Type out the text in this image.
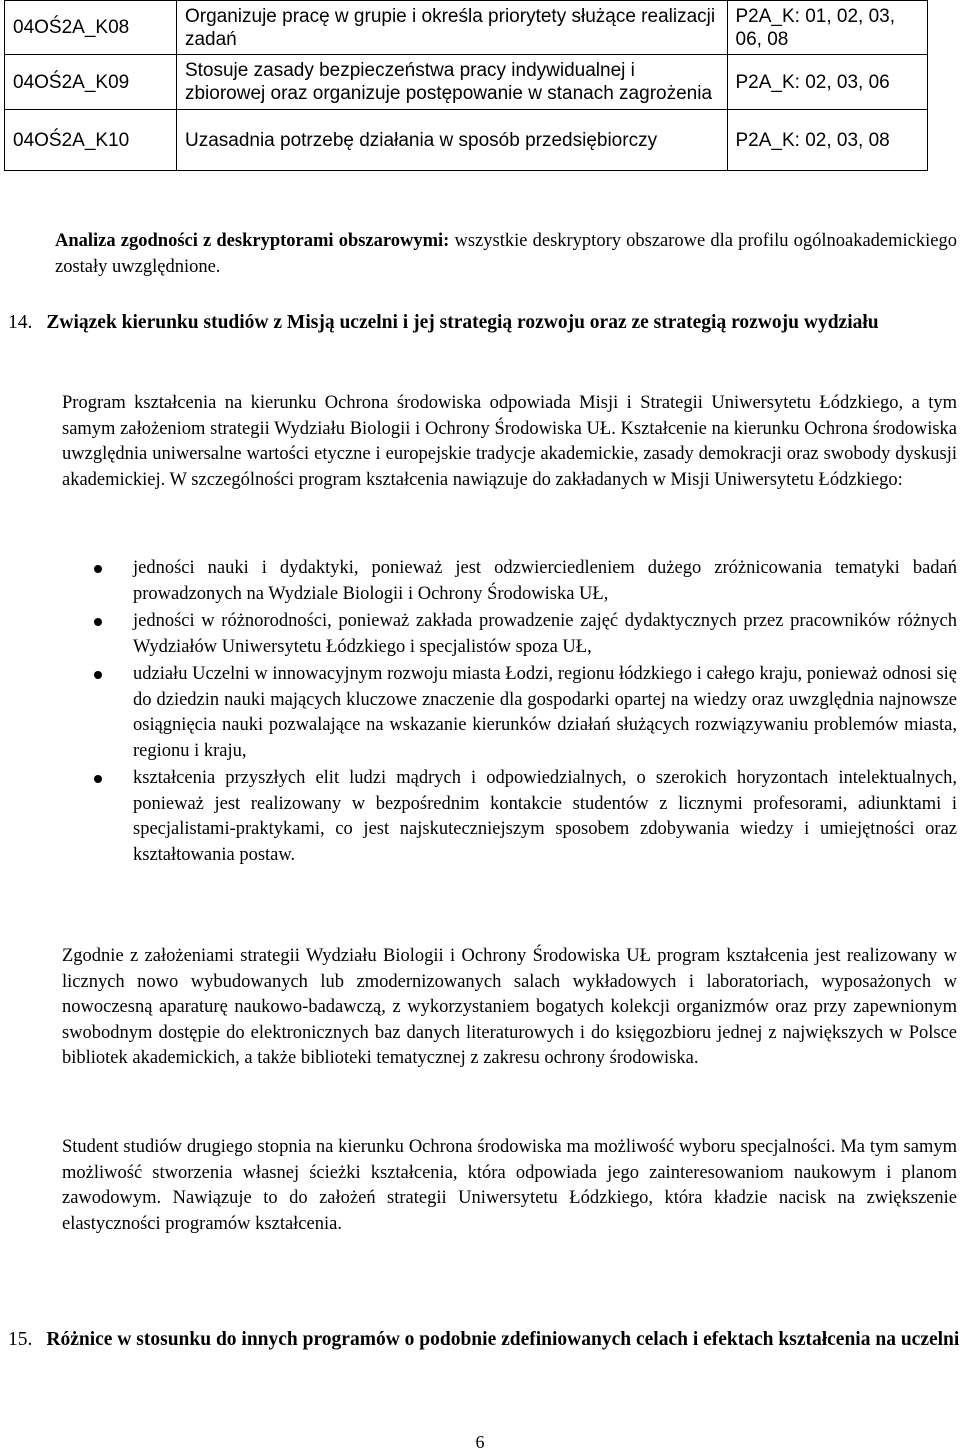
04OŚ2A_K08	Organizuje pracę w grupie i określa priorytety służące realizacji zadań	P2A_K: 01, 02, 03, 06, 08
04OŚ2A_K09	Stosuje zasady bezpieczeństwa pracy indywidualnej i zbiorowej oraz organizuje postępowanie w stanach zagrożenia	P2A_K: 02, 03, 06
04OŚ2A_K10	Uzasadnia potrzebę działania w sposób przedsiębiorczy	P2A_K: 02, 03, 08
Analiza zgodności z deskryptorami obszarowymi: wszystkie deskryptory obszarowe dla profilu ogólnoakademickiego zostały uwzględnione.
14. Związek kierunku studiów z Misją uczelni i jej strategią rozwoju oraz ze strategią rozwoju wydziału
Program kształcenia na kierunku Ochrona środowiska odpowiada Misji i Strategii Uniwersytetu Łódzkiego, a tym samym założeniom strategii Wydziału Biologii i Ochrony Środowiska UŁ. Kształcenie na kierunku Ochrona środowiska uwzględnia uniwersalne wartości etyczne i europejskie tradycje akademickie, zasady demokracji oraz swobody dyskusji akademickiej. W szczególności program kształcenia nawiązuje do zakładanych w Misji Uniwersytetu Łódzkiego:
jedności nauki i dydaktyki, ponieważ jest odzwierciedleniem dużego zróżnicowania tematyki badań prowadzonych na Wydziale Biologii i Ochrony Środowiska UŁ,
jedności w różnorodności, ponieważ zakłada prowadzenie zajęć dydaktycznych przez pracowników różnych Wydziałów Uniwersytetu Łódzkiego i specjalistów spoza UŁ,
udziału Uczelni w innowacyjnym rozwoju miasta Łodzi, regionu łódzkiego i całego kraju, ponieważ odnosi się do dziedzin nauki mających kluczowe znaczenie dla gospodarki opartej na wiedzy oraz uwzględnia najnowsze osiągnięcia nauki pozwalające na wskazanie kierunków działań służących rozwiązywaniu problemów miasta, regionu i kraju,
kształcenia przyszłych elit ludzi mądrych i odpowiedzialnych, o szerokich horyzontach intelektualnych, ponieważ jest realizowany w bezpośrednim kontakcie studentów z licznymi profesorami, adiunktami i specjalistami-praktykami, co jest najskuteczniejszym sposobem zdobywania wiedzy i umiejętności oraz kształtowania postaw.
Zgodnie z założeniami strategii Wydziału Biologii i Ochrony Środowiska UŁ program kształcenia jest realizowany w licznych nowo wybudowanych lub zmodernizowanych salach wykładowych i laboratoriach, wyposażonych w nowoczesną aparaturę naukowo-badawczą, z wykorzystaniem bogatych kolekcji organizmów oraz przy zapewnionym swobodnym dostępie do elektronicznych baz danych literaturowych i do księgozbioru jednej z największych w Polsce bibliotek akademickich, a także biblioteki tematycznej z zakresu ochrony środowiska.
Student studiów drugiego stopnia na kierunku Ochrona środowiska ma możliwość wyboru specjalności. Ma tym samym możliwość stworzenia własnej ścieżki kształcenia, która odpowiada jego zainteresowaniom naukowym i planom zawodowym. Nawiązuje to do założeń strategii Uniwersytetu Łódzkiego, która kładzie nacisk na zwiększenie elastyczności programów kształcenia.
15. Różnice w stosunku do innych programów o podobnie zdefiniowanych celach i efektach kształcenia na uczelni
6
